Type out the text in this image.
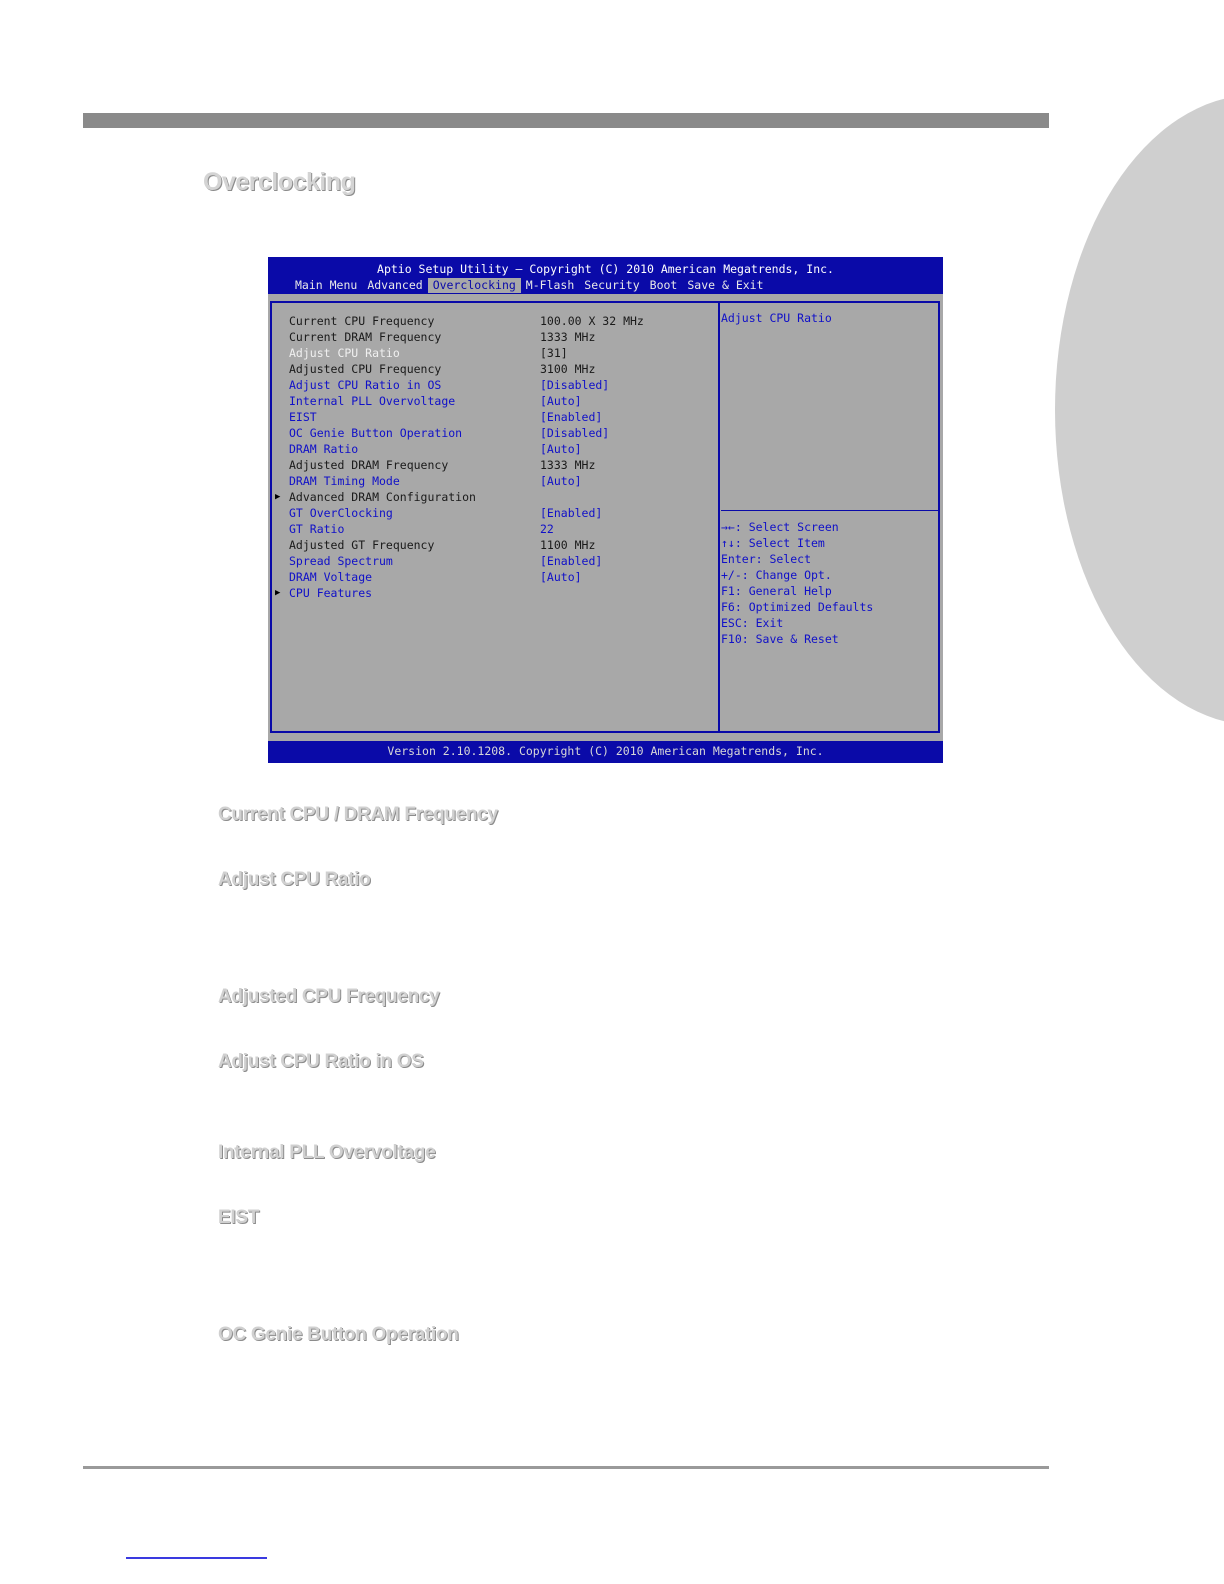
Overclocking
Aptio Setup Utility – Copyright (C) 2010 American Megatrends, Inc.
Main Menu Advanced Overclocking M-Flash Security Boot Save & Exit
Adjust CPU Ratio
→←: Select Screen
↑↓: Select Item
Enter: Select
+/-: Change Opt.
F1: General Help
F6: Optimized Defaults
ESC: Exit
F10: Save & Reset
Current CPU Frequency	100.00 X 32 MHz
Current DRAM Frequency	1333 MHz
Adjust CPU Ratio	[31]
Adjusted CPU Frequency	3100 MHz
Adjust CPU Ratio in OS	[Disabled]
Internal PLL Overvoltage	[Auto]
EIST	[Enabled]
OC Genie Button Operation	[Disabled]
DRAM Ratio	[Auto]
Adjusted DRAM Frequency	1333 MHz
DRAM Timing Mode	[Auto]
▶ Advanced DRAM Configuration
GT OverClocking	[Enabled]
GT Ratio	22
Adjusted GT Frequency	1100 MHz
Spread Spectrum	[Enabled]
DRAM Voltage	[Auto]
▶ CPU Features
Version 2.10.1208. Copyright (C) 2010 American Megatrends, Inc.
Current CPU / DRAM Frequency
Adjust CPU Ratio
Adjusted CPU Frequency
Adjust CPU Ratio in OS
Internal PLL Overvoltage
EIST
OC Genie Button Operation
